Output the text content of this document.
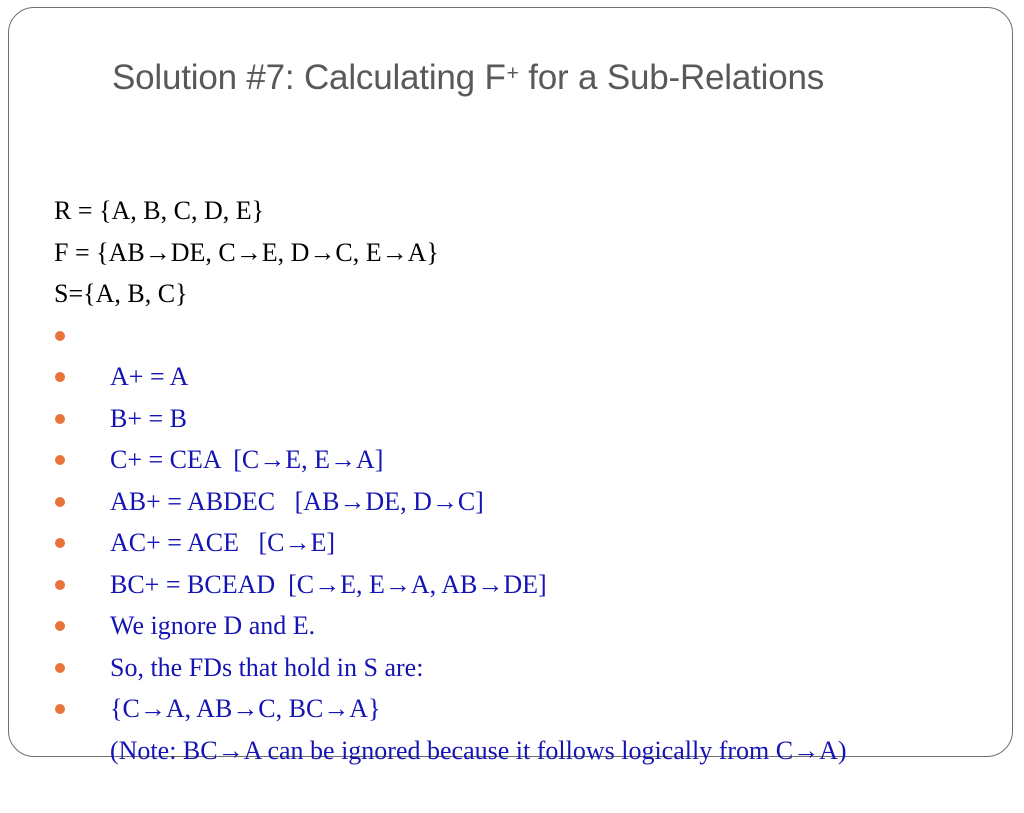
Solution #7: Calculating F+ for a Sub-Relations
R = {A, B, C, D, E}
F = {AB→DE, C→E, D→C, E→A}
S={A, B, C}

A+ = A

B+ = B

C+ = CEA  [C→E, E→A]

AB+ = ABDEC   [AB→DE, D→C]

AC+ = ACE   [C→E]

BC+ = BCEAD  [C→E, E→A, AB→DE]

We ignore D and E.

So, the FDs that hold in S are:

{C→A, AB→C, BC→A}

(Note: BC→A can be ignored because it follows logically from C→A)
